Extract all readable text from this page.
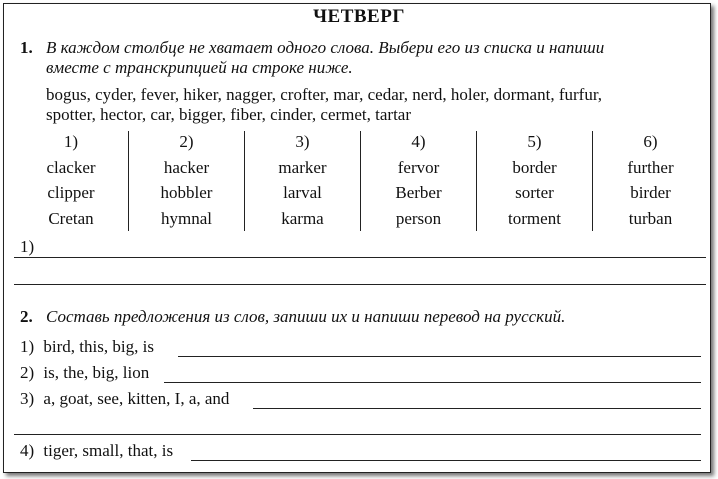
ЧЕТВЕРГ
1. В каждом столбце не хватает одного слова. Выбери его из списка и напиши
вместе с транскрипцией на строке ниже.
bogus, cyder, fever, hiker, nagger, crofter, mar, cedar, nerd, holer, dormant, furfur,
spotter, hector, car, bigger, fiber, cinder, cermet, tartar
1)
clacker
clipper
Cretan
2)
hacker
hobbler
hymnal
3)
marker
larval
karma
4)
fervor
Berber
person
5)
border
sorter
torment
6)
further
birder
turban
1)
2. Составь предложения из слов, запиши их и напиши перевод на русский.
1) bird, this, big, is
2) is, the, big, lion
3) a, goat, see, kitten, I, a, and
4) tiger, small, that, is
